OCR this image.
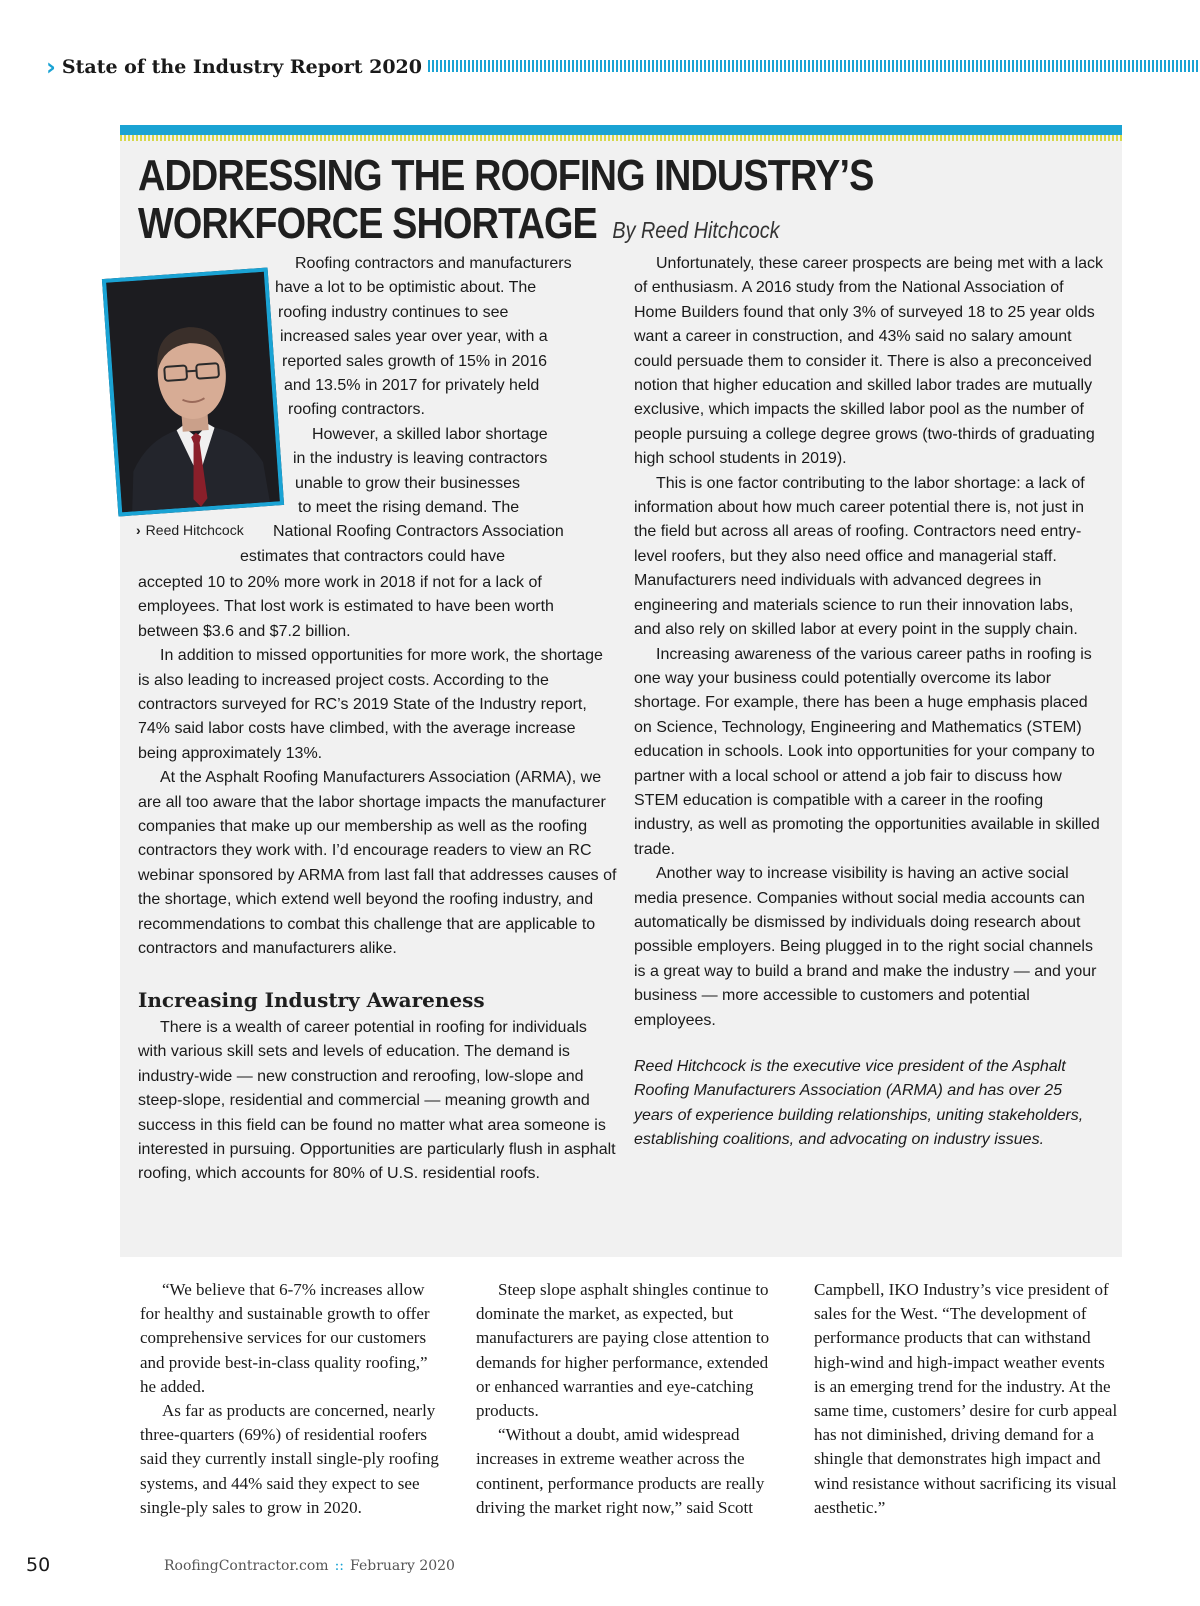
› State of the Industry Report 2020
ADDRESSING THE ROOFING INDUSTRY’S WORKFORCE SHORTAGE By Reed Hitchcock
› Reed Hitchcock
Roofing contractors and manufacturers
have a lot to be optimistic about. The
roofing industry continues to see
increased sales year over year, with a
reported sales growth of 15% in 2016
and 13.5% in 2017 for privately held
roofing contractors.
However, a skilled labor shortage
in the industry is leaving contractors
unable to grow their businesses
to meet the rising demand. The
National Roofing Contractors Association
estimates that contractors could have

accepted 10 to 20% more work in 2018 if not for a lack of employees. That lost work is estimated to have been worth between $3.6 and $7.2 billion.

In addition to missed opportunities for more work, the shortage is also leading to increased project costs. According to the contractors surveyed for RC’s 2019 State of the Industry report, 74% said labor costs have climbed, with the average increase being approximately 13%.

At the Asphalt Roofing Manufacturers Association (ARMA), we are all too aware that the labor shortage impacts the manufacturer companies that make up our membership as well as the roofing contractors they work with. I’d encourage readers to view an RC webinar sponsored by ARMA from last fall that addresses causes of the shortage, which extend well beyond the roofing industry, and recommendations to combat this challenge that are applicable to contractors and manufacturers alike.

Increasing Industry Awareness

There is a wealth of career potential in roofing for individuals with various skill sets and levels of education. The demand is industry-wide — new construction and reroofing, low-slope and steep-slope, residential and commercial — meaning growth and success in this field can be found no matter what area someone is interested in pursuing. Opportunities are particularly flush in asphalt roofing, which accounts for 80% of U.S. residential roofs.

Unfortunately, these career prospects are being met with a lack of enthusiasm. A 2016 study from the National Association of Home Builders found that only 3% of surveyed 18 to 25 year olds want a career in construction, and 43% said no salary amount could persuade them to consider it. There is also a preconceived notion that higher education and skilled labor trades are mutually exclusive, which impacts the skilled labor pool as the number of people pursuing a college degree grows (two-thirds of graduating high school students in 2019).

This is one factor contributing to the labor shortage: a lack of information about how much career potential there is, not just in the field but across all areas of roofing. Contractors need entry-level roofers, but they also need office and managerial staff. Manufacturers need individuals with advanced degrees in engineering and materials science to run their innovation labs, and also rely on skilled labor at every point in the supply chain.

Increasing awareness of the various career paths in roofing is one way your business could potentially overcome its labor shortage. For example, there has been a huge emphasis placed on Science, Technology, Engineering and Mathematics (STEM) education in schools. Look into opportunities for your company to partner with a local school or attend a job fair to discuss how STEM education is compatible with a career in the roofing industry, as well as promoting the opportunities available in skilled trade.

Another way to increase visibility is having an active social media presence. Companies without social media accounts can automatically be dismissed by individuals doing research about possible employers. Being plugged in to the right social channels is a great way to build a brand and make the industry — and your business — more accessible to customers and potential employees.

Reed Hitchcock is the executive vice president of the Asphalt Roofing Manufacturers Association (ARMA) and has over 25 years of experience building relationships, uniting stakeholders, establishing coalitions, and advocating on industry issues.

“We believe that 6-7% increases allow for healthy and sustainable growth to offer comprehensive services for our customers and provide best-in-class quality roofing,” he added.

As far as products are concerned, nearly three-quarters (69%) of residential roofers said they currently install single-ply roofing systems, and 44% said they expect to see single-ply sales to grow in 2020.

Steep slope asphalt shingles continue to dominate the market, as expected, but manufacturers are paying close attention to demands for higher performance, extended or enhanced warranties and eye-catching products.

“Without a doubt, amid widespread increases in extreme weather across the continent, performance products are really driving the market right now,” said Scott

Campbell, IKO Industry’s vice president of sales for the West. “The development of performance products that can withstand high-wind and high-impact weather events is an emerging trend for the industry. At the same time, customers’ desire for curb appeal has not diminished, driving demand for a shingle that demonstrates high impact and wind resistance without sacrificing its visual aesthetic.”

50	RoofingContractor.com :: February 2020
